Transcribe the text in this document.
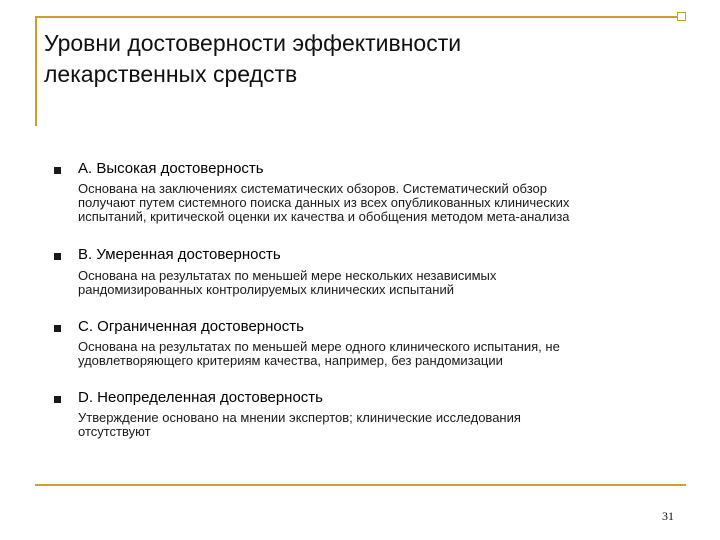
Уровни достоверности эффективности
лекарственных средств
А. Высокая достоверность
Основана на заключениях систематических обзоров. Систематический обзор
получают путем системного поиска данных из всех опубликованных клинических
испытаний, критической оценки их качества и обобщения методом мета-анализа
В. Умеренная достоверность
Основана на результатах по меньшей мере нескольких независимых
рандомизированных контролируемых клинических испытаний
С. Ограниченная достоверность
Основана на результатах по меньшей мере одного клинического испытания, не
удовлетворяющего критериям качества, например, без рандомизации
D. Неопределенная достоверность
Утверждение основано на мнении экспертов; клинические исследования
отсутствуют
31
